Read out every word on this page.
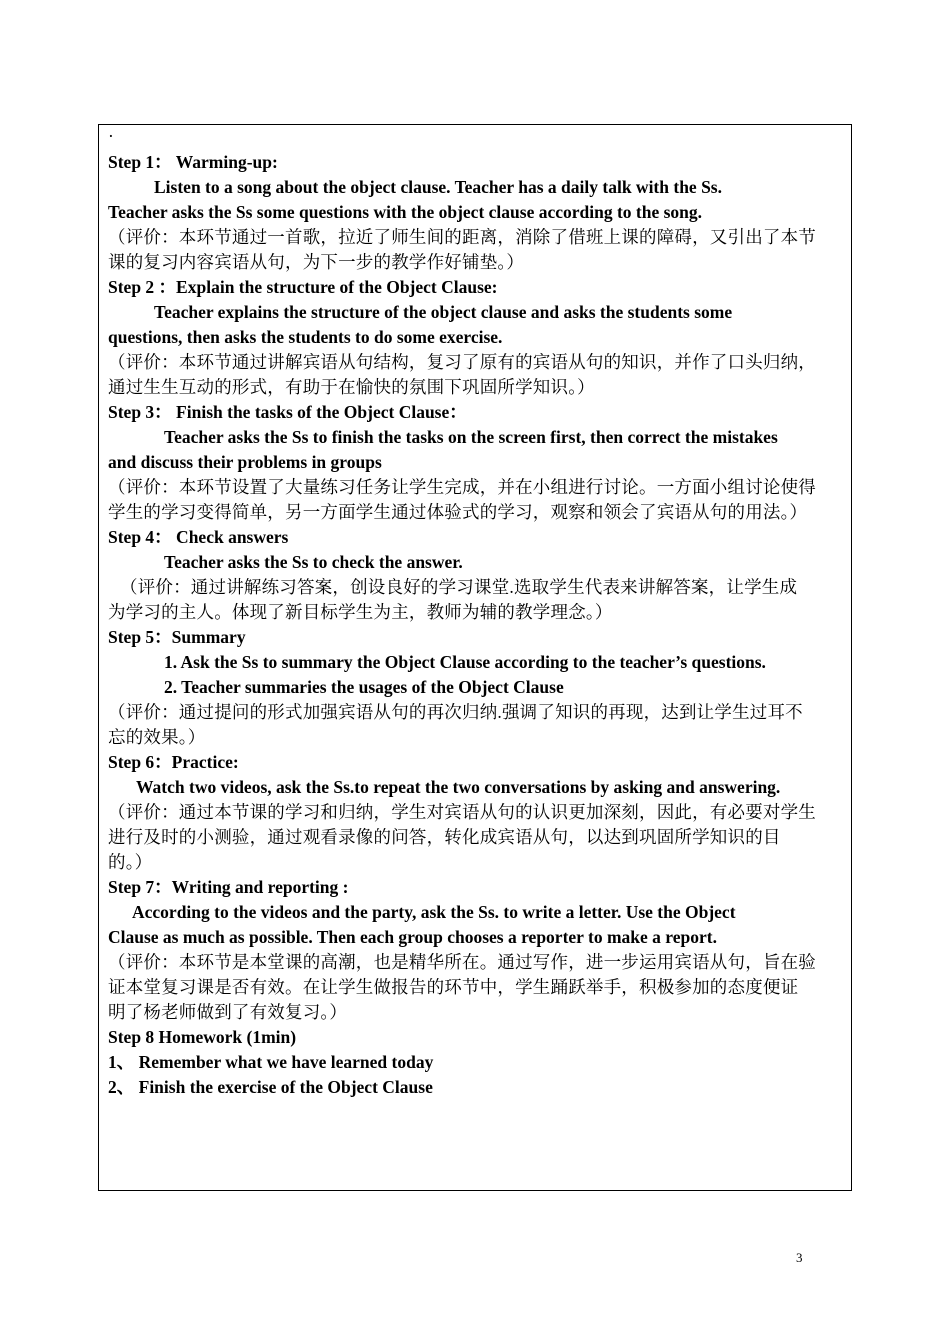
·
Step 1： Warming-up:
Listen to a song about the object clause. Teacher has a daily talk with the Ss.
Teacher asks the Ss some questions with the object clause according to the song.
（评价：本环节通过一首歌，拉近了师生间的距离，消除了借班上课的障碍，又引出了本节
课的复习内容宾语从句，为下一步的教学作好铺垫。）
Step 2 ：Explain the structure of the Object Clause:
Teacher explains the structure of the object clause and asks the students some
questions, then asks the students to do some exercise.
（评价：本环节通过讲解宾语从句结构，复习了原有的宾语从句的知识，并作了口头归纳，
通过生生互动的形式，有助于在愉快的氛围下巩固所学知识。）
Step 3： Finish the tasks of the Object Clause：
Teacher asks the Ss to finish the tasks on the screen first, then correct the mistakes
and discuss their problems in groups
（评价：本环节设置了大量练习任务让学生完成，并在小组进行讨论。一方面小组讨论使得
学生的学习变得简单，另一方面学生通过体验式的学习，观察和领会了宾语从句的用法。）
Step 4： Check answers
Teacher asks the Ss to check the answer.
（评价：通过讲解练习答案，创设良好的学习课堂.选取学生代表来讲解答案，让学生成
为学习的主人。体现了新目标学生为主，教师为辅的教学理念。）
Step 5：Summary
1. Ask the Ss to summary the Object Clause according to the teacher’s questions.
2. Teacher summaries the usages of the Object Clause
（评价：通过提问的形式加强宾语从句的再次归纳.强调了知识的再现，达到让学生过耳不
忘的效果。）
Step 6：Practice:
Watch two videos, ask the Ss.to repeat the two conversations by asking and answering.
（评价：通过本节课的学习和归纳，学生对宾语从句的认识更加深刻，因此，有必要对学生
进行及时的小测验，通过观看录像的问答，转化成宾语从句，以达到巩固所学知识的目
的。）
Step 7：Writing and reporting :
According to the videos and the party, ask the Ss. to write a letter. Use the Object
Clause as much as possible. Then each group chooses a reporter to make a report.
（评价：本环节是本堂课的高潮，也是精华所在。通过写作，进一步运用宾语从句，旨在验
证本堂复习课是否有效。在让学生做报告的环节中，学生踊跃举手，积极参加的态度便证
明了杨老师做到了有效复习。）
Step 8 Homework (1min)
1、 Remember what we have learned today
2、 Finish the exercise of the Object Clause
3
